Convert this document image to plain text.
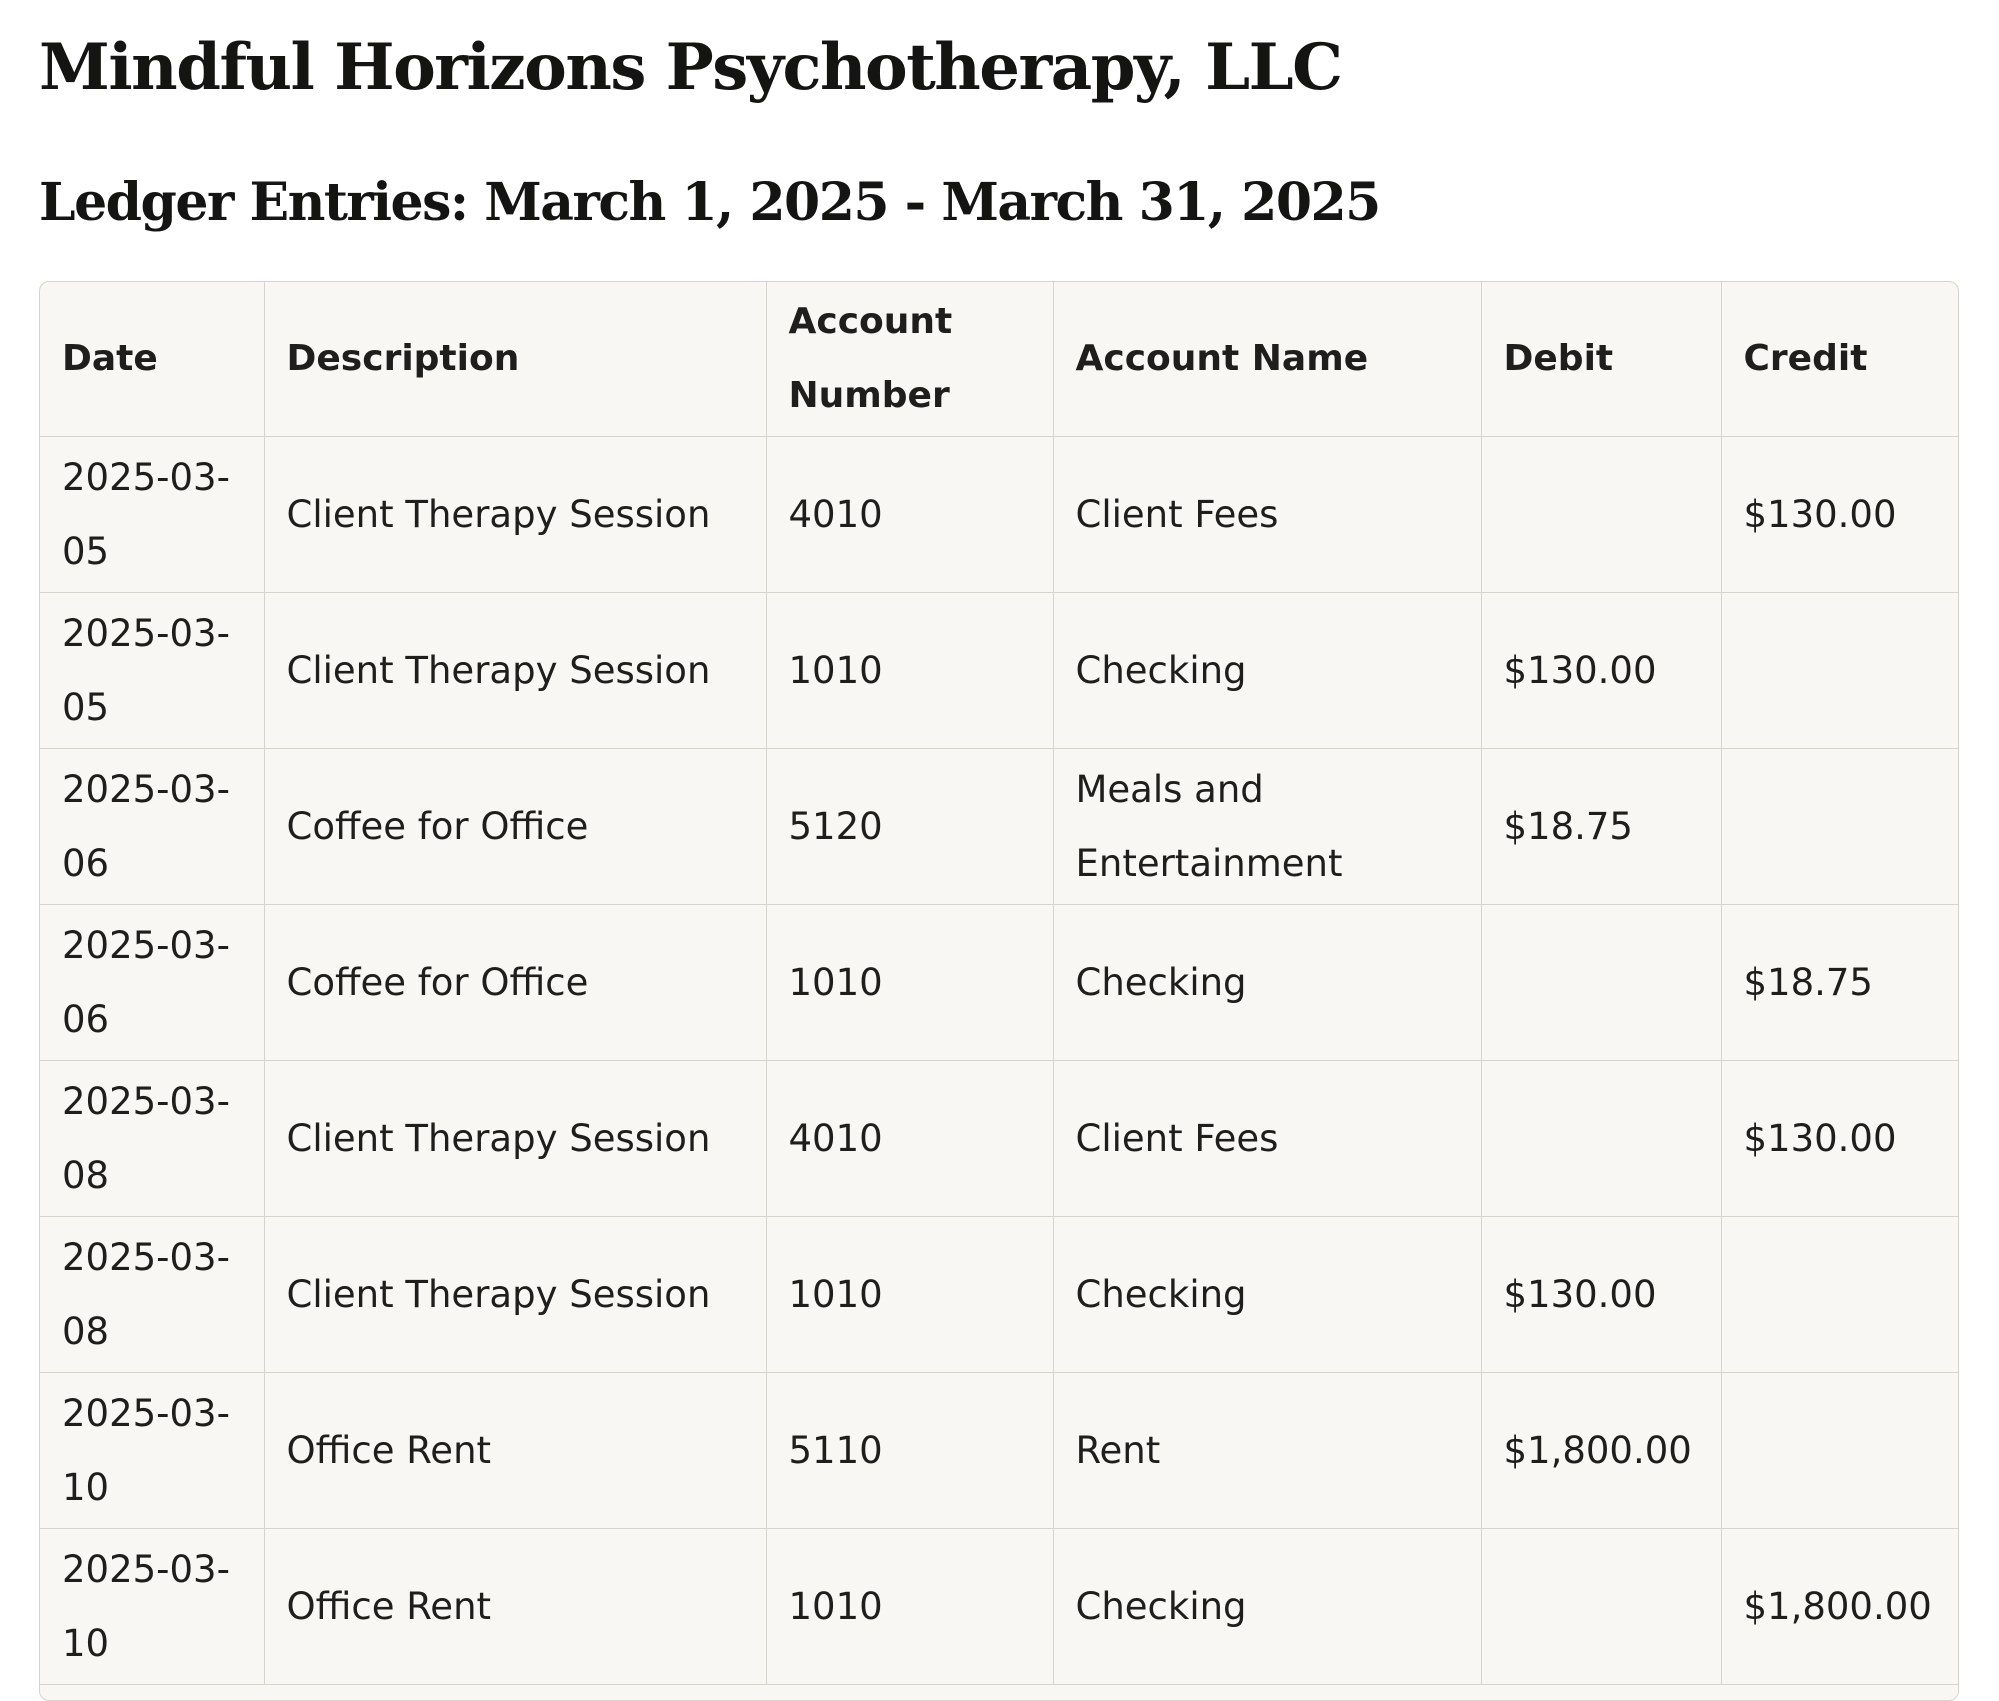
Mindful Horizons Psychotherapy, LLC
Ledger Entries: March 1, 2025 - March 31, 2025
Date	Description	Account Number	Account Name	Debit	Credit
2025-03-05	Client Therapy Session	4010	Client Fees		$130.00
2025-03-05	Client Therapy Session	1010	Checking	$130.00	
2025-03-06	Coffee for Office	5120	Meals and Entertainment	$18.75	
2025-03-06	Coffee for Office	1010	Checking		$18.75
2025-03-08	Client Therapy Session	4010	Client Fees		$130.00
2025-03-08	Client Therapy Session	1010	Checking	$130.00	
2025-03-10	Office Rent	5110	Rent	$1,800.00	
2025-03-10	Office Rent	1010	Checking		$1,800.00
